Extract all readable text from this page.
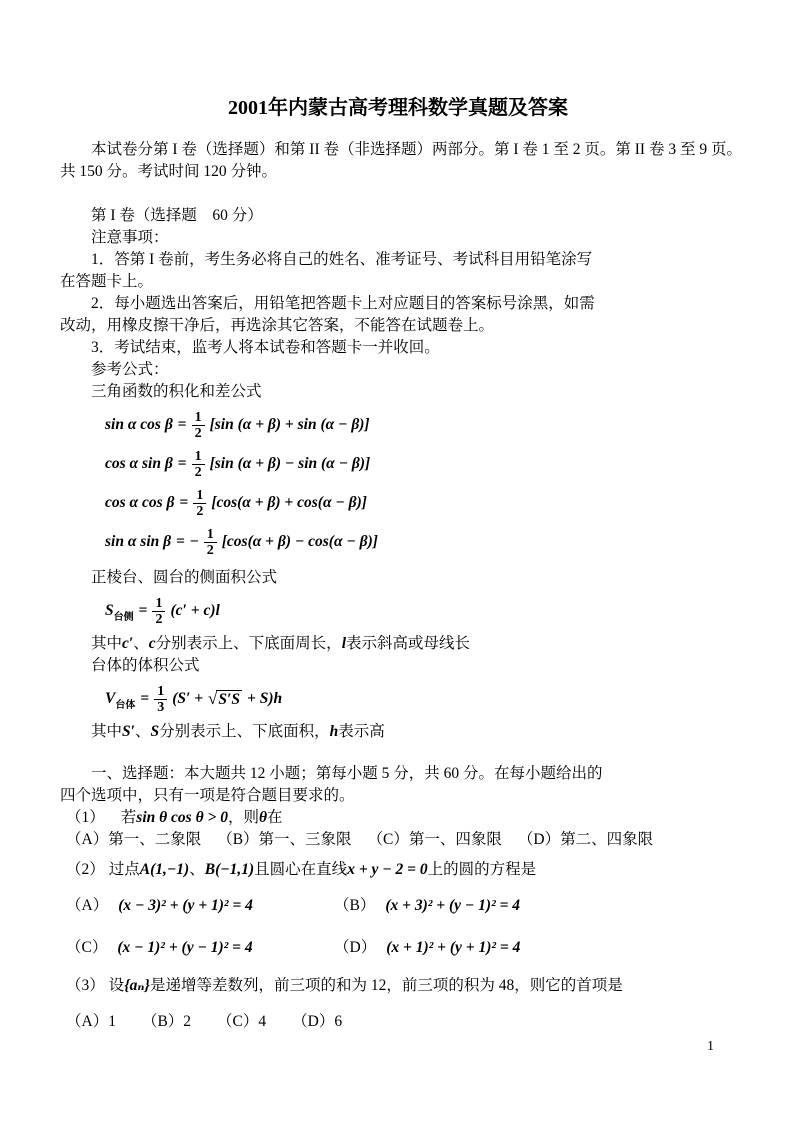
2001年内蒙古高考理科数学真题及答案
本试卷分第 I 卷（选择题）和第 II 卷（非选择题）两部分。第 I 卷 1 至 2 页。第 II 卷 3 至 9 页。
共 150 分。考试时间 120 分钟。
第 I 卷（选择题　60 分）
注意事项：
1．答第 I 卷前，考生务必将自己的姓名、准考证号、考试科目用铅笔涂写
在答题卡上。
2．每小题选出答案后，用铅笔把答题卡上对应题目的答案标号涂黑，如需
改动，用橡皮擦干净后，再选涂其它答案，不能答在试题卷上。
3．考试结束，监考人将本试卷和答题卡一并收回。
参考公式：
三角函数的积化和差公式
sin α $\cos \beta = \frac{1}{2} [\sin$ (α + β) + sin (α − β)]
cos α $\sin \beta = \frac{1}{2} [\sin$ (α + β) − sin (α − β)]
cos α $\cos \beta = \frac{1}{2} [\cos(\alpha + \beta) + \cos(\alpha - \beta)]$
sin α sin β = − $\frac{1}{2} [\cos(\alpha + \beta) - \cos(\alpha - \beta)]$
正棱台、圆台的侧面积公式
S 台侧 = $\frac{1}{2} (c' + c)l$
其中c′、c分别表示上、下底面周长，l表示斜高或母线长
台体的体积公式
V 台体 = $\frac{1}{3} (S'$ + √ S′S + S)h
其中S′、S分别表示上、下底面积，h表示高
一、选择题：本大题共 12 小题；第每小题 5 分，共 60 分。在每小题给出的
四个选项中，只有一项是符合题目要求的。
（1） 若sin θ cos θ > 0，则θ在
（A）第一、二象限 （B）第一、三象限 （C）第一、四象限 （D）第二、四象限
（2） 过点A(1,−1)、B(−1,1)且圆心在直线x + y − 2 = 0上的圆的方程是
（A） (x − 3)² + (y + 1)² = 4	（B） (x + 3)² + (y − 1)² = 4
（C） (x − 1)² + (y − 1)² = 4	（D） (x + 1)² + (y + 1)² = 4
（3） 设{aₙ}是递增等差数列，前三项的和为 12，前三项的积为 48，则它的首项是
（A）1 （B）2 （C）4 （D）6
1
